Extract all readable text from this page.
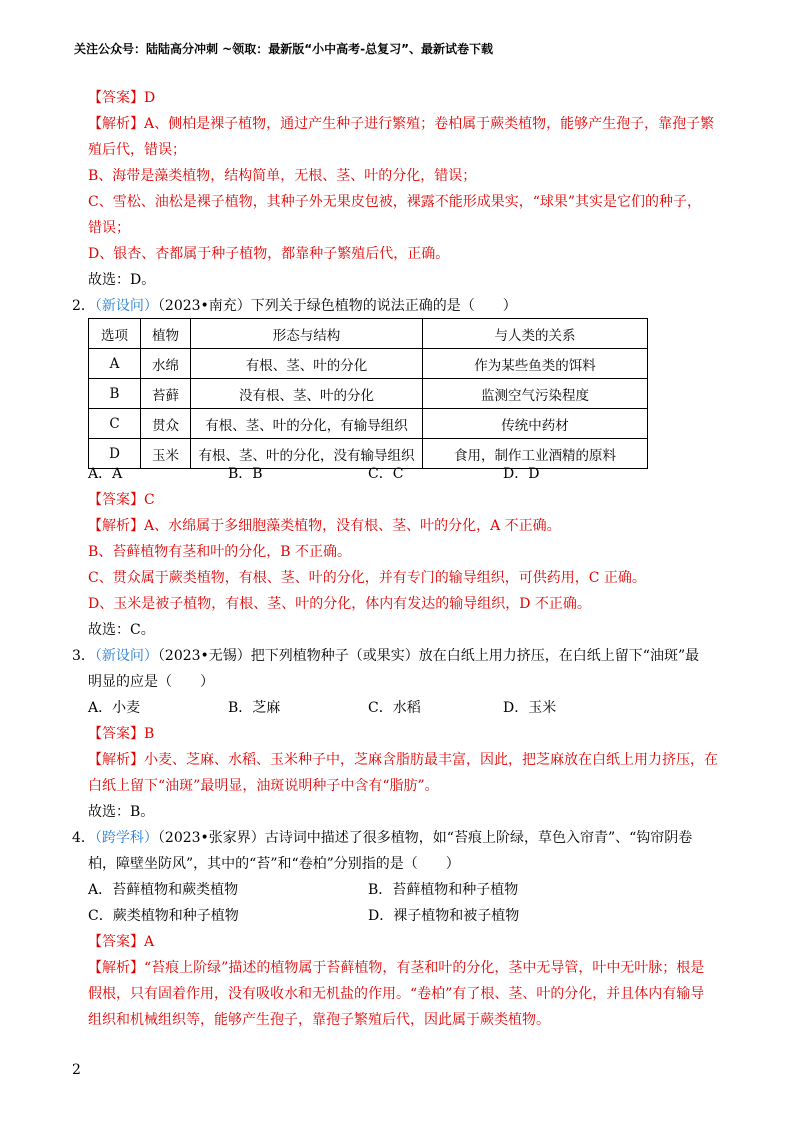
关注公众号：陆陆高分冲刺 ~领取：最新版“小中高考-总复习”、最新试卷下载
【答案】D
【解析】A、侧柏是裸子植物，通过产生种子进行繁殖；卷柏属于蕨类植物，能够产生孢子，靠孢子繁
殖后代，错误；
B、海带是藻类植物，结构简单，无根、茎、叶的分化，错误；
C、雪松、油松是裸子植物，其种子外无果皮包被，裸露不能形成果实，“球果”其实是它们的种子，
错误；
D、银杏、杏都属于种子植物，都靠种子繁殖后代，正确。
故选：D。
2．（新设问）（2023•南充）下列关于绿色植物的说法正确的是（　　）
选项	植物	形态与结构	与人类的关系
A	水绵	有根、茎、叶的分化	作为某些鱼类的饵料
B	苔藓	没有根、茎、叶的分化	监测空气污染程度
C	贯众	有根、茎、叶的分化，有输导组织	传统中药材
D	玉米	有根、茎、叶的分化，没有输导组织	食用，制作工业酒精的原料
A．A	B．B	C．C	D．D
【答案】C
【解析】A、水绵属于多细胞藻类植物，没有根、茎、叶的分化，A 不正确。
B、苔藓植物有茎和叶的分化，B 不正确。
C、贯众属于蕨类植物，有根、茎、叶的分化，并有专门的输导组织，可供药用，C 正确。
D、玉米是被子植物，有根、茎、叶的分化，体内有发达的输导组织，D 不正确。
故选：C。
3．（新设问）（2023•无锡）把下列植物种子（或果实）放在白纸上用力挤压，在白纸上留下“油斑”最
明显的应是（　　）
A．小麦	B．芝麻	C．水稻	D．玉米
【答案】B
【解析】小麦、芝麻、水稻、玉米种子中，芝麻含脂肪最丰富，因此，把芝麻放在白纸上用力挤压，在
白纸上留下“油斑”最明显，油斑说明种子中含有“脂肪”。
故选：B。
4．（跨学科）（2023•张家界）古诗词中描述了很多植物，如“苔痕上阶绿，草色入帘青”、“钩帘阴卷
柏，障壁坐防风”，其中的“苔”和“卷柏”分别指的是（　　）
A．苔藓植物和蕨类植物	B．苔藓植物和种子植物
C．蕨类植物和种子植物	D．裸子植物和被子植物
【答案】A
【解析】“苔痕上阶绿”描述的植物属于苔藓植物，有茎和叶的分化，茎中无导管，叶中无叶脉；根是
假根，只有固着作用，没有吸收水和无机盐的作用。“卷柏”有了根、茎、叶的分化，并且体内有输导
组织和机械组织等，能够产生孢子，靠孢子繁殖后代，因此属于蕨类植物。
2
